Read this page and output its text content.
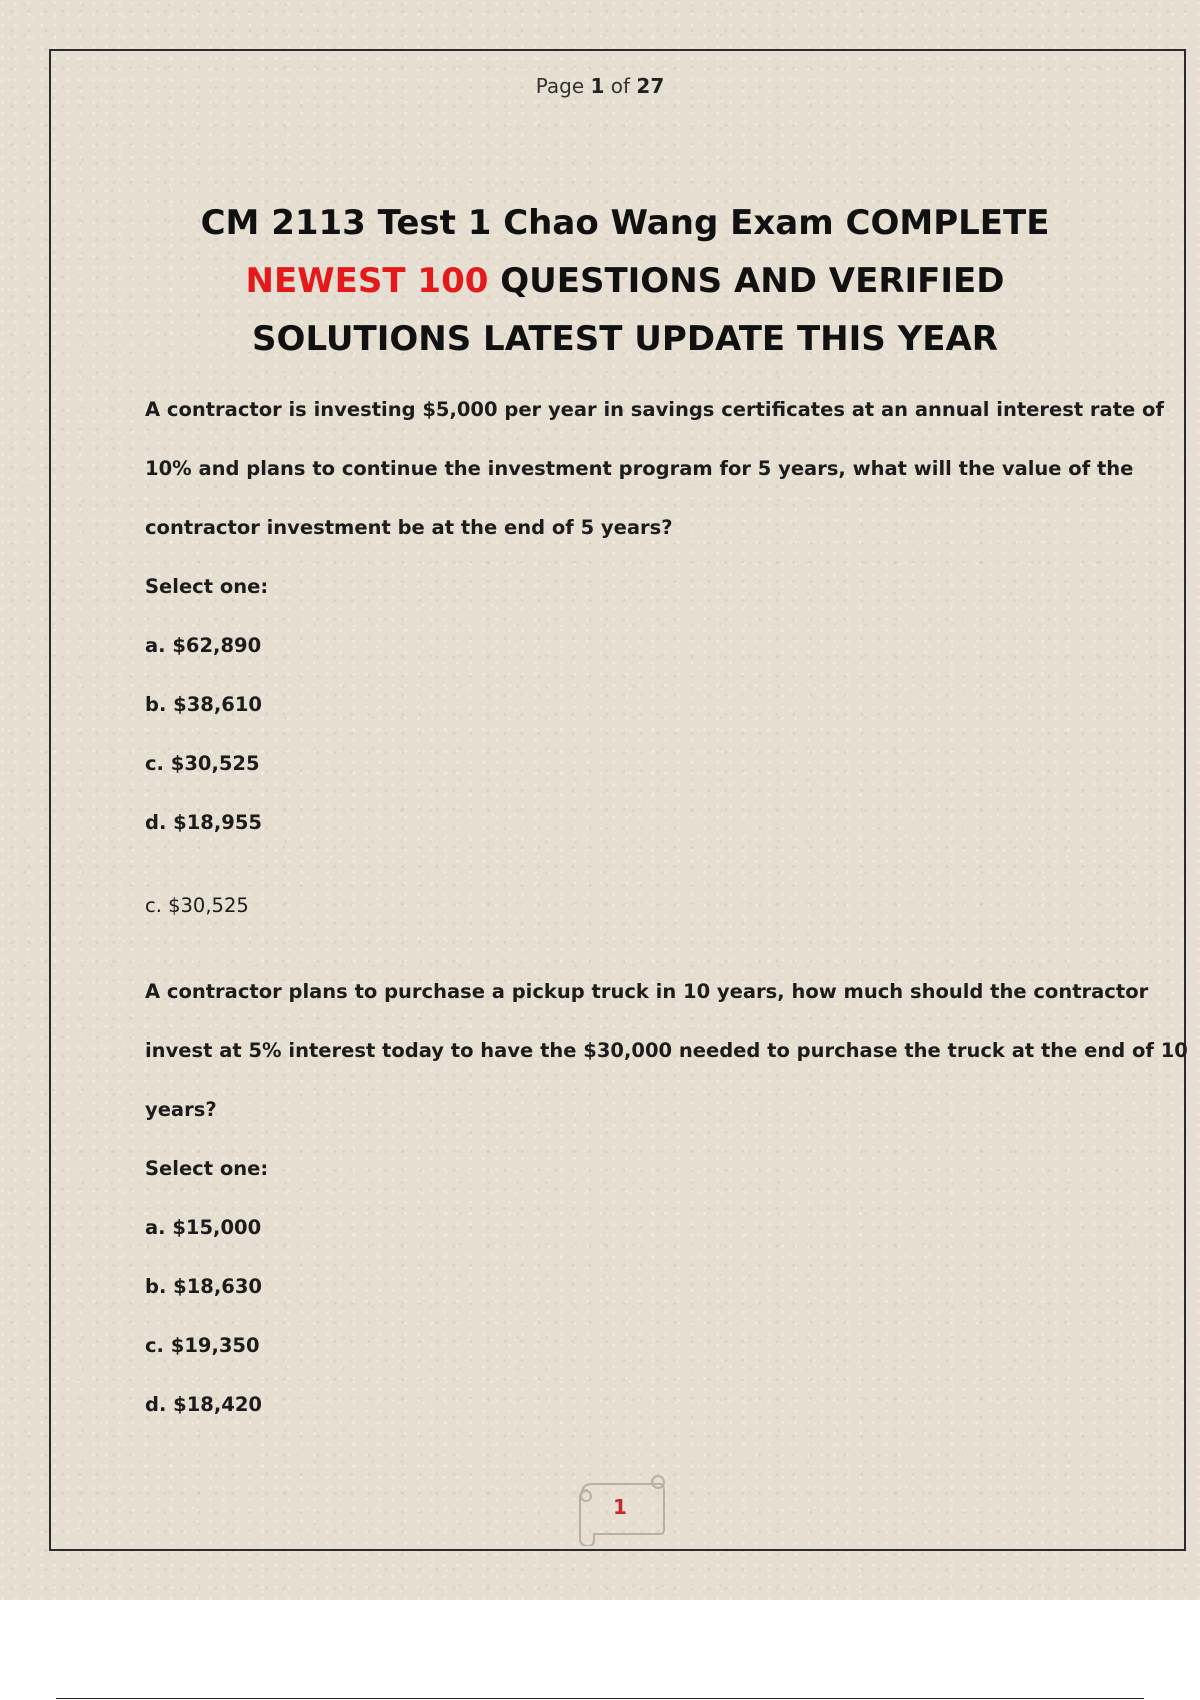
Page 1 of 27
CM 2113 Test 1 Chao Wang Exam COMPLETE
NEWEST 100 QUESTIONS AND VERIFIED
SOLUTIONS LATEST UPDATE THIS YEAR
A contractor is investing $5,000 per year in savings certificates at an annual interest rate of
10% and plans to continue the investment program for 5 years, what will the value of the
contractor investment be at the end of 5 years?
Select one:
a. $62,890
b. $38,610
c. $30,525
d. $18,955
c. $30,525
A contractor plans to purchase a pickup truck in 10 years, how much should the contractor
invest at 5% interest today to have the $30,000 needed to purchase the truck at the end of 10
years?
Select one:
a. $15,000
b. $18,630
c. $19,350
d. $18,420
1
